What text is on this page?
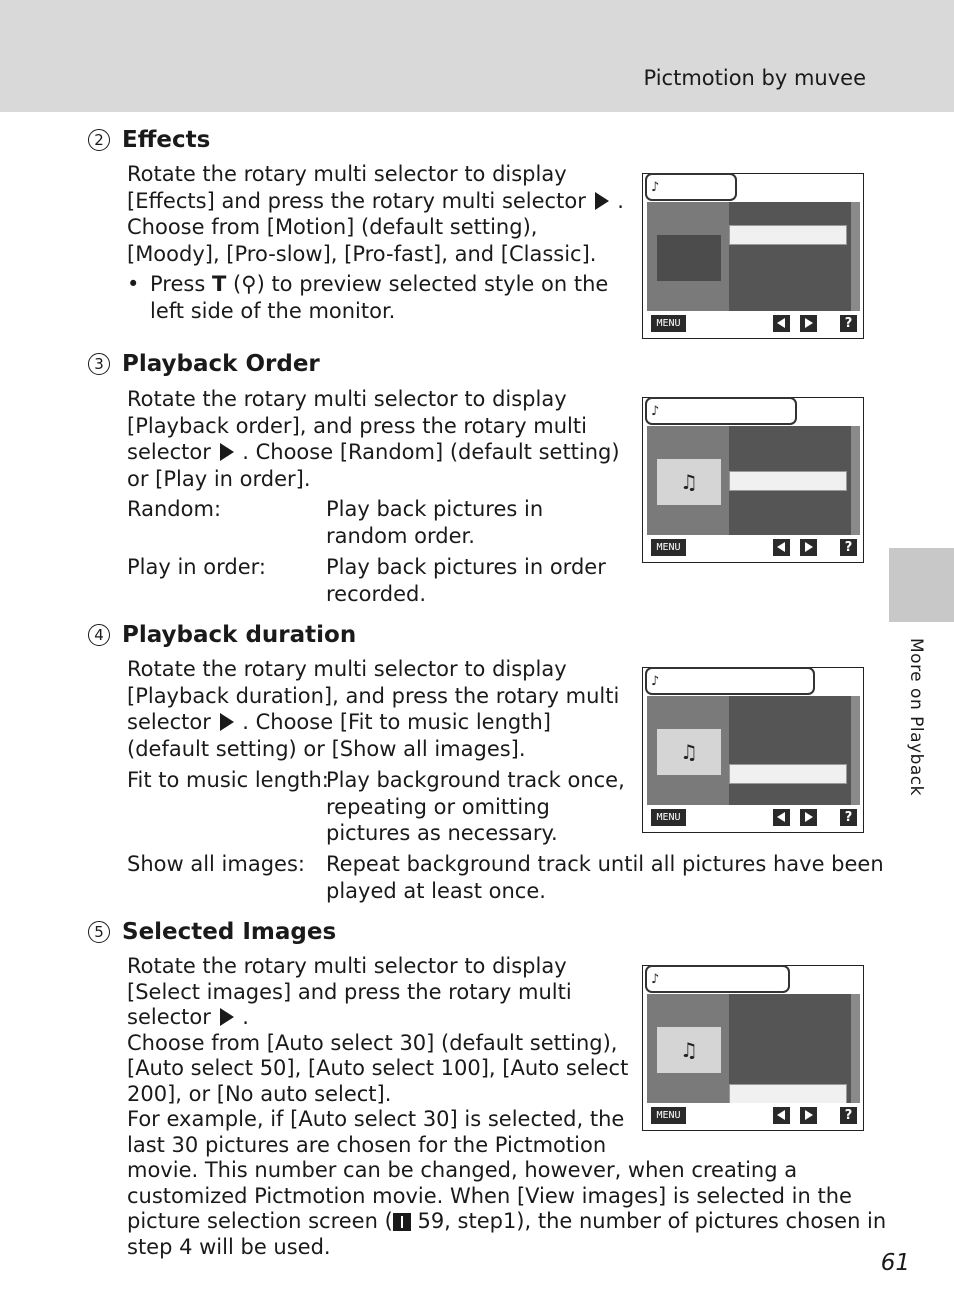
Pictmotion by muvee
More on Playback
2 Effects
Rotate the rotary multi selector to display
[Effects] and press the rotary multi selector .
Choose from [Motion] (default setting),
[Moody], [Pro-slow], [Pro-fast], and [Classic].
• Press T (⚲) to preview selected style on the
left side of the monitor.
♪
MENU	?
3 Playback Order
Rotate the rotary multi selector to display
[Playback order], and press the rotary multi
selector . Choose [Random] (default setting)
or [Play in order].
Random:	Play back pictures in
random order.
Play in order:	Play back pictures in order
recorded.
♪
♫
MENU	?
4 Playback duration
Rotate the rotary multi selector to display
[Playback duration], and press the rotary multi
selector . Choose [Fit to music length]
(default setting) or [Show all images].
Fit to music length:
Play background track once,
repeating or omitting
pictures as necessary.
Show all images: Repeat background track until all pictures have been
played at least once.
♪
♫
MENU	?
5 Selected Images
Rotate the rotary multi selector to display
[Select images] and press the rotary multi
selector .
Choose from [Auto select 30] (default setting),
[Auto select 50], [Auto select 100], [Auto select
200], or [No auto select].
For example, if [Auto select 30] is selected, the
last 30 pictures are chosen for the Pictmotion
movie. This number can be changed, however, when creating a
customized Pictmotion movie. When [View images] is selected in the
picture selection screen ( 59, step1), the number of pictures chosen in
step 4 will be used.
♪
♫
MENU	?
61
